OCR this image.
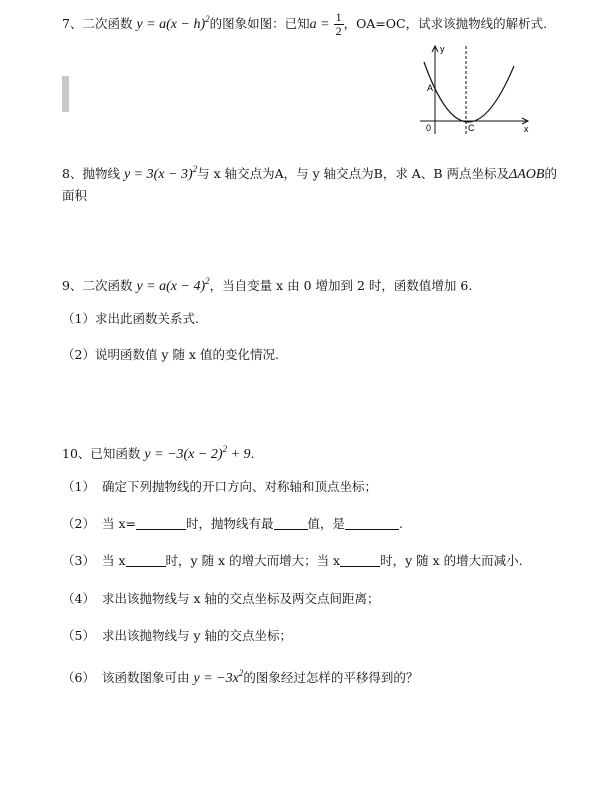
7、二次函数 $y = a(x - h)^2$的图象如图：已知$a = \frac{1}{2}$ ，OA=OC，试求该抛物线的解析式.
y
x
A
0	C
8、抛物线 $y = 3(x - 3)^2$与 x 轴交点为A，与 y 轴交点为B，求 A、B 两点坐标及ΔAOB的
面积
9、二次函数 $y = a(x - 4)^2$，当自变量 x 由 0 增加到 2 时，函数值增加 6.
（1）求出此函数关系式.
（2）说明函数值 y 随 x 值的变化情况.
10、已知函数 $y = -3(x - 2)^2 + 9$.
（1） 确定下列抛物线的开口方向、对称轴和顶点坐标；
（2） 当 x=	时，抛物线有最	值，是	.
（3） 当 x	时，y 随 x 的增大而增大；当 x	时，y 随 x 的增大而减小.
（4） 求出该抛物线与 x 轴的交点坐标及两交点间距离；
（5） 求出该抛物线与 y 轴的交点坐标；
（6） 该函数图象可由 $y = -3x^2$的图象经过怎样的平移得到的？
